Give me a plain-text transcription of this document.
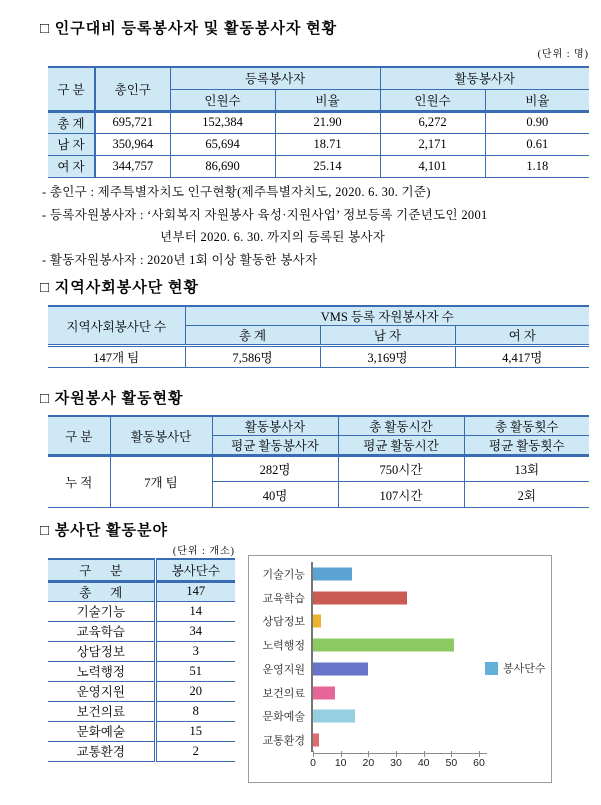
□ 인구대비 등록봉사자 및 활동봉사자 현황
(단위 : 명)
구 분	총인구	등록봉사자		활동봉사자	
		인원수	비율	인원수	비율
총 계	695,721	152,384	21.90	6,272	0.90
남 자	350,964	65,694	18.71	2,171	0.61
여 자	344,757	86,690	25.14	4,101	1.18
- 총인구 : 제주특별자치도 인구현황(제주특별자치도, 2020. 6. 30. 기준)
- 등록자원봉사자 : ‘사회복지 자원봉사 육성·지원사업’ 정보등록 기준년도인 2001
년부터 2020. 6. 30. 까지의 등록된 봉사자
- 활동자원봉사자 : 2020년 1회 이상 활동한 봉사자
□ 지역사회봉사단 현황
지역사회봉사단 수	VMS 등록 자원봉사자 수		
	총 계	남 자	여 자
147개 팀	7,586명	3,169명	4,417명
□ 자원봉사 활동현황
구 분	활동봉사단	활동봉사자	총 활동시간	총 활동횟수
		평균 활동봉사자	평균 활동시간	평균 활동횟수
누 적	7개 팀	282명	750시간	13회
		40명	107시간	2회
□ 봉사단 활동분야
(단위 : 개소)
구      분	봉사단수
총      계	147
기술기능	14
교육학습	34
상담정보	3
노력행정	51
운영지원	20
보건의료	8
문화예술	15
교통환경	2
기술기능
교육학습
상담정보
노력행정
운영지원
보건의료
문화예술
교통환경
0 10 20 30 40 50 60
봉사단수
